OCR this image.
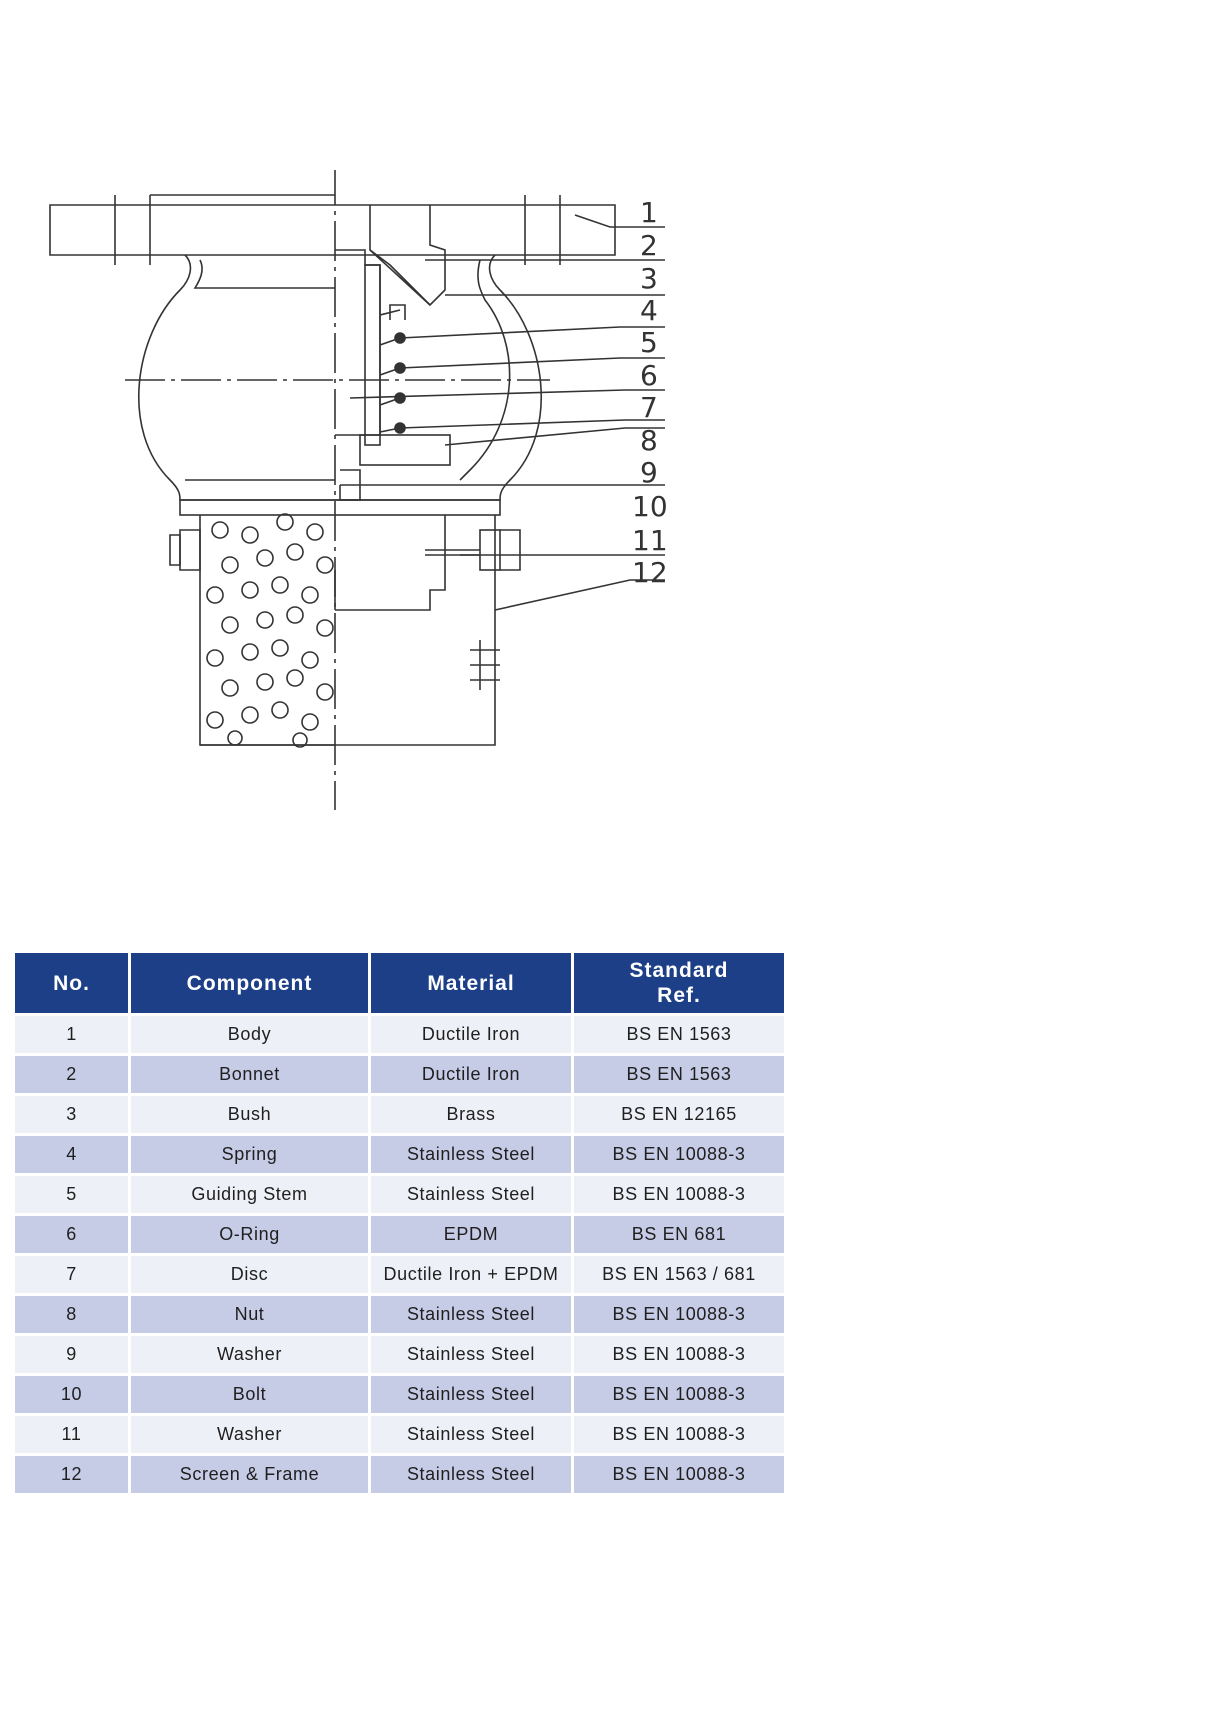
1
2
3
4
5
6
7
8
9
10
11
12
No.	Component	Material	Standard
Ref.
1	Body	Ductile Iron	BS EN 1563
2	Bonnet	Ductile Iron	BS EN 1563
3	Bush	Brass	BS EN 12165
4	Spring	Stainless Steel	BS EN 10088-3
5	Guiding Stem	Stainless Steel	BS EN 10088-3
6	O-Ring	EPDM	BS EN 681
7	Disc	Ductile Iron + EPDM	BS EN 1563 / 681
8	Nut	Stainless Steel	BS EN 10088-3
9	Washer	Stainless Steel	BS EN 10088-3
10	Bolt	Stainless Steel	BS EN 10088-3
11	Washer	Stainless Steel	BS EN 10088-3
12	Screen & Frame	Stainless Steel	BS EN 10088-3
